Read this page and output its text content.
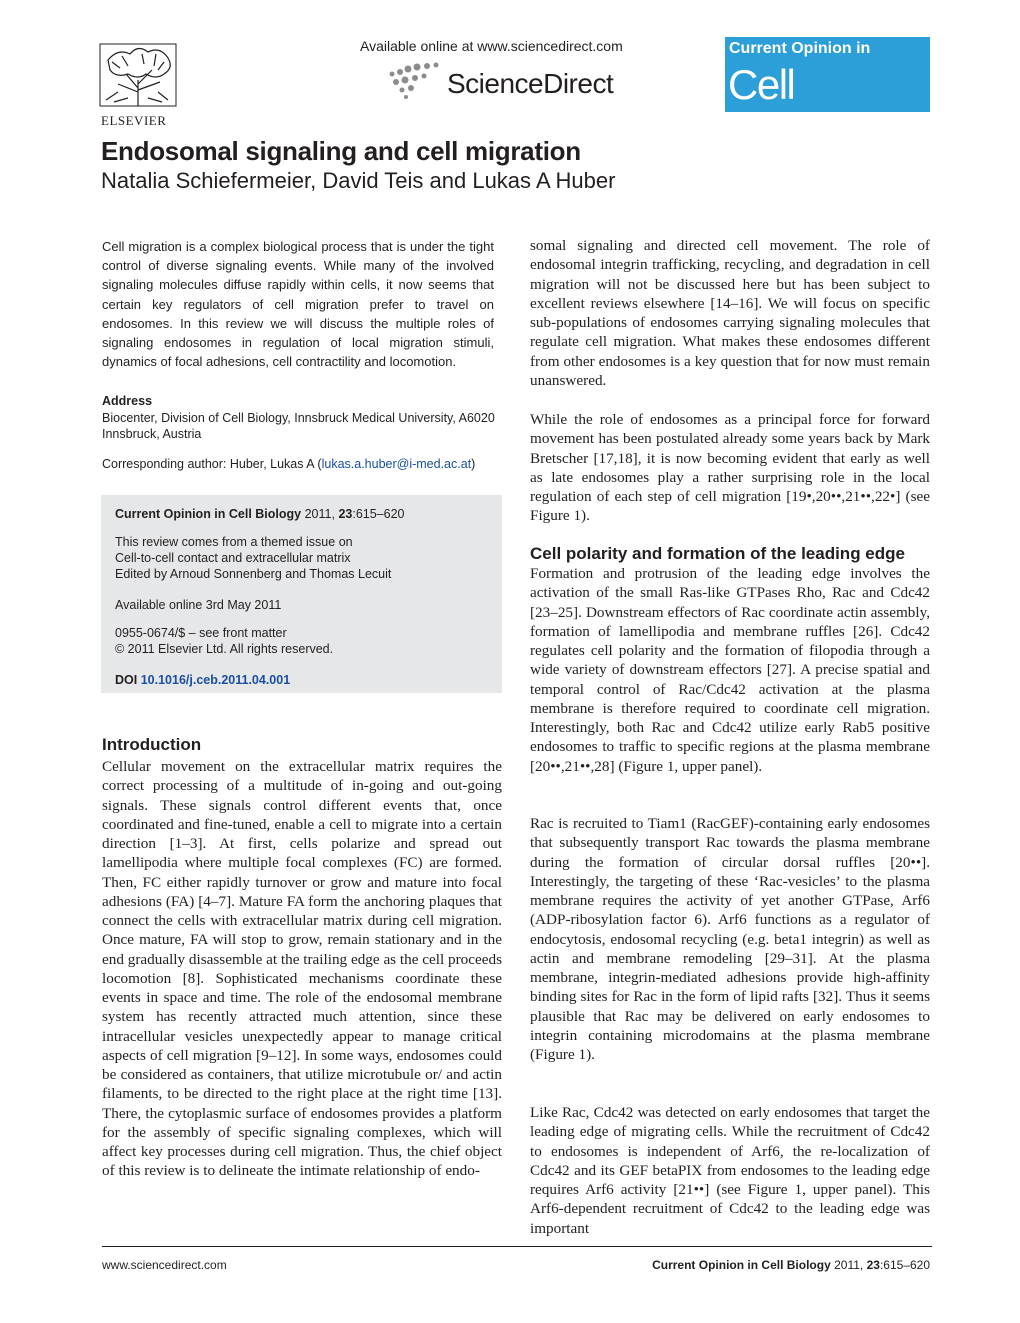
ELSEVIER
Available online at www.sciencedirect.com
ScienceDirect
Current Opinion in
Cell Biology
Endosomal signaling and cell migration
Natalia Schiefermeier, David Teis and Lukas A Huber

Cell migration is a complex biological process that is under the tight control of diverse signaling events. While many of the involved signaling molecules diffuse rapidly within cells, it now seems that certain key regulators of cell migration prefer to travel on endosomes. In this review we will discuss the multiple roles of signaling endosomes in regulation of local migration stimuli, dynamics of focal adhesions, cell contractility and locomotion.

Address
Biocenter, Division of Cell Biology, Innsbruck Medical University, A6020
Innsbruck, Austria
Corresponding author: Huber, Lukas A (lukas.a.huber@i-med.ac.at)
Current Opinion in Cell Biology 2011, 23:615–620
This review comes from a themed issue on
Cell-to-cell contact and extracellular matrix
Edited by Arnoud Sonnenberg and Thomas Lecuit
Available online 3rd May 2011
0955-0674/$ – see front matter
© 2011 Elsevier Ltd. All rights reserved.
DOI 10.1016/j.ceb.2011.04.001
Introduction

Cellular movement on the extracellular matrix requires the correct processing of a multitude of in-going and out-going signals. These signals control different events that, once coordinated and fine-tuned, enable a cell to migrate into a certain direction [1–3]. At first, cells polarize and spread out lamellipodia where multiple focal complexes (FC) are formed. Then, FC either rapidly turnover or grow and mature into focal adhesions (FA) [4–7]. Mature FA form the anchoring plaques that connect the cells with extracellular matrix during cell migration. Once mature, FA will stop to grow, remain stationary and in the end gradually disassemble at the trailing edge as the cell proceeds locomotion [8]. Sophisticated mechanisms coordinate these events in space and time. The role of the endosomal membrane system has recently attracted much attention, since these intracellular vesicles unexpectedly appear to manage critical aspects of cell migration [9–12]. In some ways, endosomes could be considered as containers, that utilize microtubule or/ and actin filaments, to be directed to the right place at the right time [13]. There, the cytoplasmic surface of endosomes provides a platform for the assembly of specific signaling complexes, which will affect key processes during cell migration. Thus, the chief object of this review is to delineate the intimate relationship of endo-

somal signaling and directed cell movement. The role of endosomal integrin trafficking, recycling, and degradation in cell migration will not be discussed here but has been subject to excellent reviews elsewhere [14–16]. We will focus on specific sub-populations of endosomes carrying signaling molecules that regulate cell migration. What makes these endosomes different from other endosomes is a key question that for now must remain unanswered.

While the role of endosomes as a principal force for forward movement has been postulated already some years back by Mark Bretscher [17,18], it is now becoming evident that early as well as late endosomes play a rather surprising role in the local regulation of each step of cell migration [19•,20••,21••,22•] (see Figure 1).

Cell polarity and formation of the leading edge

Formation and protrusion of the leading edge involves the activation of the small Ras-like GTPases Rho, Rac and Cdc42 [23–25]. Downstream effectors of Rac coordinate actin assembly, formation of lamellipodia and membrane ruffles [26]. Cdc42 regulates cell polarity and the formation of filopodia through a wide variety of downstream effectors [27]. A precise spatial and temporal control of Rac/Cdc42 activation at the plasma membrane is therefore required to coordinate cell migration. Interestingly, both Rac and Cdc42 utilize early Rab5 positive endosomes to traffic to specific regions at the plasma membrane [20••,21••,28] (Figure 1, upper panel).

Rac is recruited to Tiam1 (RacGEF)-containing early endosomes that subsequently transport Rac towards the plasma membrane during the formation of circular dorsal ruffles [20••]. Interestingly, the targeting of these ‘Rac-vesicles’ to the plasma membrane requires the activity of yet another GTPase, Arf6 (ADP-ribosylation factor 6). Arf6 functions as a regulator of endocytosis, endosomal recycling (e.g. beta1 integrin) as well as actin and membrane remodeling [29–31]. At the plasma membrane, integrin-mediated adhesions provide high-affinity binding sites for Rac in the form of lipid rafts [32]. Thus it seems plausible that Rac may be delivered on early endosomes to integrin containing microdomains at the plasma membrane (Figure 1).

Like Rac, Cdc42 was detected on early endosomes that target the leading edge of migrating cells. While the recruitment of Cdc42 to endosomes is independent of Arf6, the re-localization of Cdc42 and its GEF betaPIX from endosomes to the leading edge requires Arf6 activity [21••] (see Figure 1, upper panel). This Arf6-dependent recruitment of Cdc42 to the leading edge was important

www.sciencedirect.com	Current Opinion in Cell Biology 2011, 23:615–620
